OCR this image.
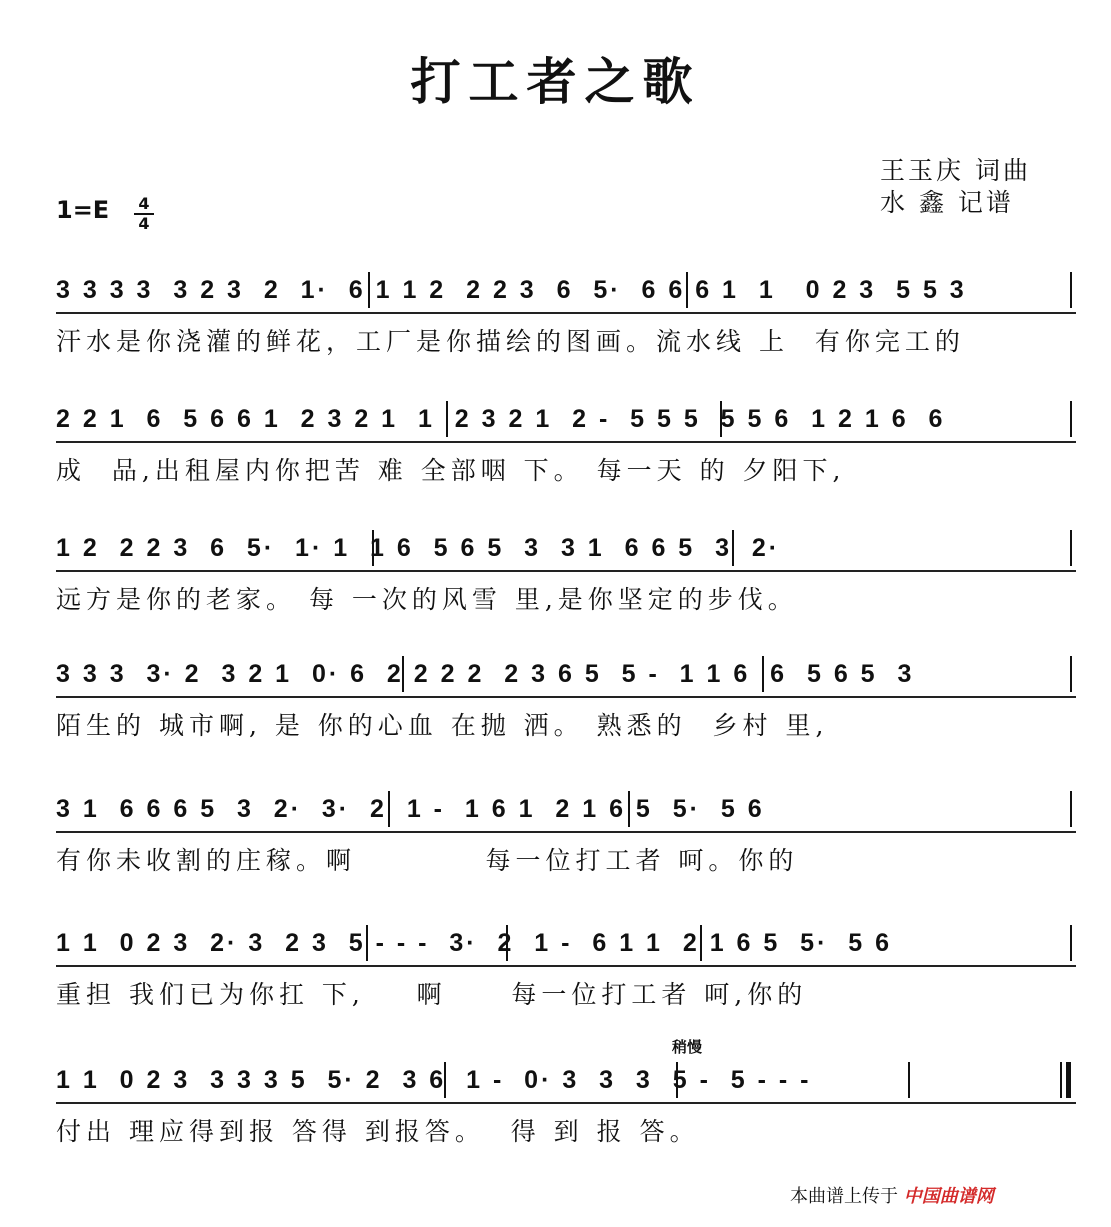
打工者之歌
王玉庆 词曲
水 鑫 记谱
1=E 4
4
3 3 3 3  3 2 3  2  1·  6 1 1 2  2 2 3  6  5·  6 6 6 1  1   0 2 3  5 5 3
汗水是你浇灌的鲜花，工厂是你描绘的图画。流水线 上  有你完工的
2 2 1  6  5 6 6 1  2 3 2 1  1  2 3 2 1  2 -  5 5 5  5 5 6  1 2 1 6  6
成  品,出租屋内你把苦 难 全部咽 下。 每一天 的 夕阳下,
1 2  2 2 3  6  5·  1· 1  1 6  5 6 5  3  3 1  6 6 5  3  2·
远方是你的老家。 每 一次的风雪 里,是你坚定的步伐。
3 3 3  3· 2  3 2 1  0· 6  2 2 2 2  2 3 6 5  5 -  1 1 6  6  5 6 5  3
陌生的 城市啊, 是 你的心血 在抛 洒。 熟悉的  乡村 里,
3 1  6 6 6 5  3  2·  3·  2  1 -  1 6 1  2 1 6 5  5·  5 6
有你未收割的庄稼。啊          每一位打工者 呵。你的
1 1  0 2 3  2· 3  2 3  5 - - -  3·  2  1 -  6 1 1  2 1 6 5  5·  5 6
重担 我们已为你扛 下,    啊     每一位打工者 呵,你的
稍慢
1 1  0 2 3  3 3 3 5  5· 2  3 6  1 -  0· 3  3  3  5 -  5 - - -
付出 理应得到报 答得 到报答。  得 到 报 答。
本曲谱上传于 中国曲谱网
